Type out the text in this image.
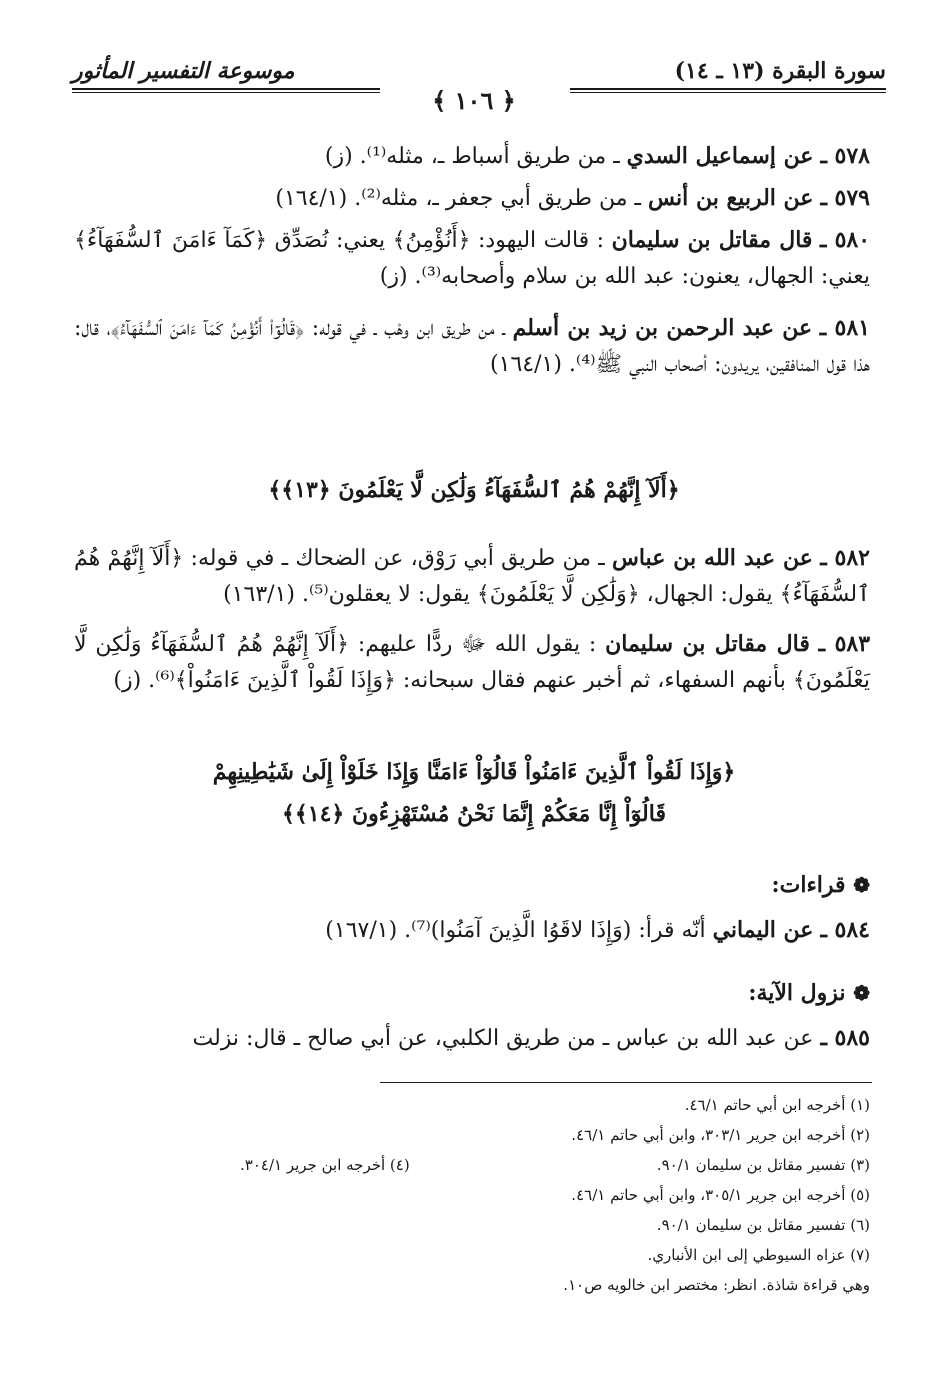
سورة البقرة (١٣ ـ ١٤)
موسوعة التفسير المأثور
﴿ ١٠٦ ﴾
٥٧٨ ـ عن إسماعيل السدي ـ من طريق أسباط ـ، مثله⁽¹⁾. (ز)
٥٧٩ ـ عن الربيع بن أنس ـ من طريق أبي جعفر ـ، مثله⁽²⁾. (١٦٤/١)
٥٨٠ ـ قال مقاتل بن سليمان : قالت اليهود: ﴿أَنُؤْمِنُ﴾ يعني: نُصَدِّق ﴿كَمَآ ءَامَنَ ٱلسُّفَهَآءُ﴾ يعني: الجهال، يعنون: عبد الله بن سلام وأصحابه⁽³⁾. (ز)
٥٨١ ـ عن عبد الرحمن بن زيد بن أسلم ـ من طريق ابن وهْب ـ في قوله: ﴿قَالُوٓاْ أَنُؤْمِنُ كَمَآ ءَامَنَ ٱلسُّفَهَآءُ﴾، قال: هذا قول المنافقين، يريدون: أصحاب النبي ﷺ⁽⁴⁾. (١٦٤/١)
﴿أَلَآ إِنَّهُمْ هُمُ ٱلسُّفَهَآءُ وَلَٰكِن لَّا يَعْلَمُونَ ﴿١٣﴾﴾
٥٨٢ ـ عن عبد الله بن عباس ـ من طريق أبي رَوْق، عن الضحاك ـ في قوله: ﴿أَلَآ إِنَّهُمْ هُمُ ٱلسُّفَهَآءُ﴾ يقول: الجهال، ﴿وَلَٰكِن لَّا يَعْلَمُونَ﴾ يقول: لا يعقلون⁽⁵⁾. (١٦٣/١)
٥٨٣ ـ قال مقاتل بن سليمان : يقول الله ﷻ ردًّا عليهم: ﴿أَلَآ إِنَّهُمْ هُمُ ٱلسُّفَهَآءُ وَلَٰكِن لَّا يَعْلَمُونَ﴾ بأنهم السفهاء، ثم أخبر عنهم فقال سبحانه: ﴿وَإِذَا لَقُواْ ٱلَّذِينَ ءَامَنُواْ﴾⁽⁶⁾. (ز)
﴿وَإِذَا لَقُواْ ٱلَّذِينَ ءَامَنُواْ قَالُوٓاْ ءَامَنَّا وَإِذَا خَلَوْاْ إِلَىٰ شَيَٰطِينِهِمْ
قَالُوٓاْ إِنَّا مَعَكُمْ إِنَّمَا نَحْنُ مُسْتَهْزِءُونَ ﴿١٤﴾﴾
❁ قراءات:
٥٨٤ ـ عن اليماني أنّه قرأ: (وَإِذَا لاقَوُا الَّذِينَ آمَنُوا)⁽⁷⁾. (١٦٧/١)
❁ نزول الآية:
٥٨٥ ـ عن عبد الله بن عباس ـ من طريق الكلبي، عن أبي صالح ـ قال: نزلت
(١) أخرجه ابن أبي حاتم ٤٦/١.
(٢) أخرجه ابن جرير ٣٠٣/١، وابن أبي حاتم ٤٦/١.
(٣) تفسير مقاتل بن سليمان ٩٠/١.
(٤) أخرجه ابن جرير ٣٠٤/١.
(٥) أخرجه ابن جرير ٣٠٥/١، وابن أبي حاتم ٤٦/١.
(٦) تفسير مقاتل بن سليمان ٩٠/١.
(٧) عزاه السيوطي إلى ابن الأنباري.
وهي قراءة شاذة. انظر: مختصر ابن خالويه ص١٠.
